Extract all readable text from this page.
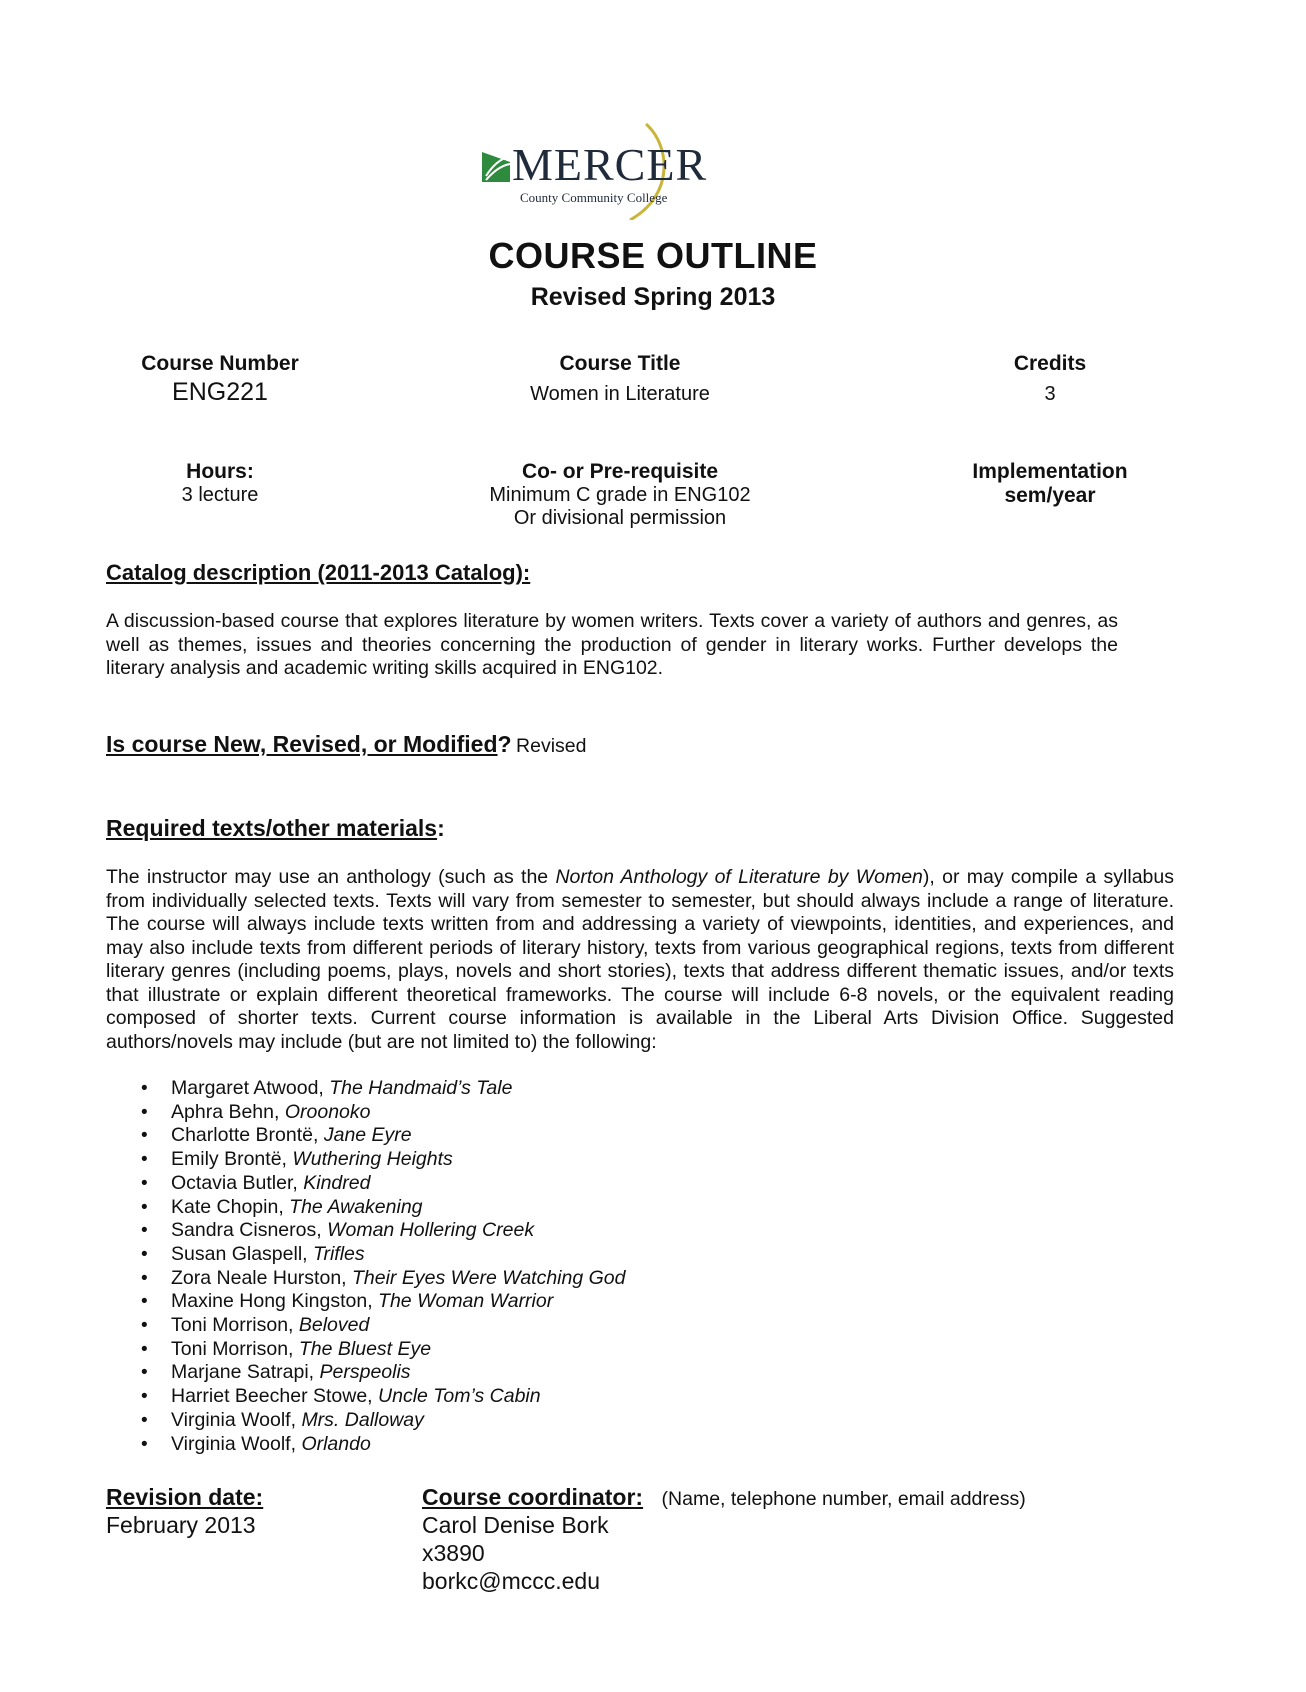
MERCER
County Community College
COURSE OUTLINE
Revised Spring 2013
Course Number
ENG221
Course Title
Women in Literature
Credits
3
Hours:
3 lecture
Co- or Pre-requisite
Minimum C grade in ENG102
Or divisional permission
Implementation
sem/year
Catalog description (2011-2013 Catalog):
A discussion-based course that explores literature by women writers. Texts cover a variety of authors and genres, as well as themes, issues and theories concerning the production of gender in literary works. Further develops the literary analysis and academic writing skills acquired in ENG102.
Is course New, Revised, or Modified? Revised
Required texts/other materials:
The instructor may use an anthology (such as the Norton Anthology of Literature by Women), or may compile a syllabus from individually selected texts. Texts will vary from semester to semester, but should always include a range of literature. The course will always include texts written from and addressing a variety of viewpoints, identities, and experiences, and may also include texts from different periods of literary history, texts from various geographical regions, texts from different literary genres (including poems, plays, novels and short stories), texts that address different thematic issues, and/or texts that illustrate or explain different theoretical frameworks. The course will include 6-8 novels, or the equivalent reading composed of shorter texts. Current course information is available in the Liberal Arts Division Office. Suggested authors/novels may include (but are not limited to) the following:
• Margaret Atwood, The Handmaid’s Tale
• Aphra Behn, Oroonoko
• Charlotte Brontë, Jane Eyre
• Emily Brontë, Wuthering Heights
• Octavia Butler, Kindred
• Kate Chopin, The Awakening
• Sandra Cisneros, Woman Hollering Creek
• Susan Glaspell, Trifles
• Zora Neale Hurston, Their Eyes Were Watching God
• Maxine Hong Kingston, The Woman Warrior
• Toni Morrison, Beloved
• Toni Morrison, The Bluest Eye
• Marjane Satrapi, Perspeolis
• Harriet Beecher Stowe, Uncle Tom’s Cabin
• Virginia Woolf, Mrs. Dalloway
• Virginia Woolf, Orlando
Revision date:
February 2013
Course coordinator: (Name, telephone number, email address)
Carol Denise Bork
x3890
borkc@mccc.edu
